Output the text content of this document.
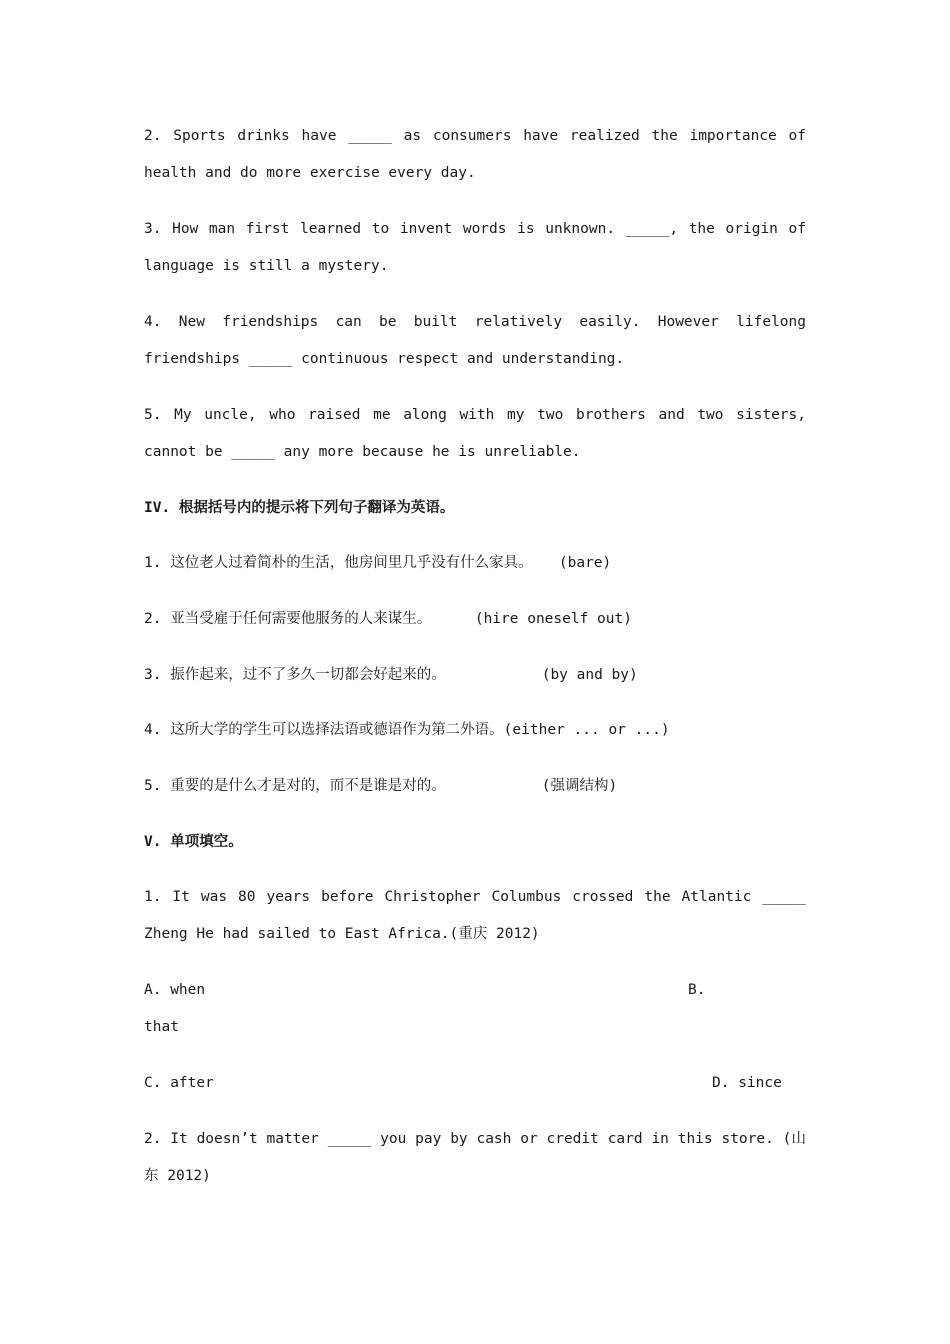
2. Sports drinks have _____ as consumers have realized the importance of health and do more exercise every day.
3. How man first learned to invent words is unknown. _____, the origin of language is still a mystery.
4. New friendships can be built relatively easily. However lifelong friendships _____ continuous respect and understanding.
5. My uncle, who raised me along with my two brothers and two sisters, cannot be _____ any more because he is unreliable.
IV. 根据括号内的提示将下列句子翻译为英语。
1. 这位老人过着简朴的生活，他房间里几乎没有什么家具。   (bare)
2. 亚当受雇于任何需要他服务的人来谋生。     (hire oneself out)
3. 振作起来，过不了多久一切都会好起来的。           (by and by)
4. 这所大学的学生可以选择法语或德语作为第二外语。(either ... or ...)
5. 重要的是什么才是对的，而不是谁是对的。           (强调结构)
V. 单项填空。
1. It was 80 years before Christopher Columbus crossed the Atlantic _____ Zheng He had sailed to East Africa.(重庆 2012)
A. when	B.
that
C. after	D. since
2. It doesn’t matter _____ you pay by cash or credit card in this store. (山东 2012)
